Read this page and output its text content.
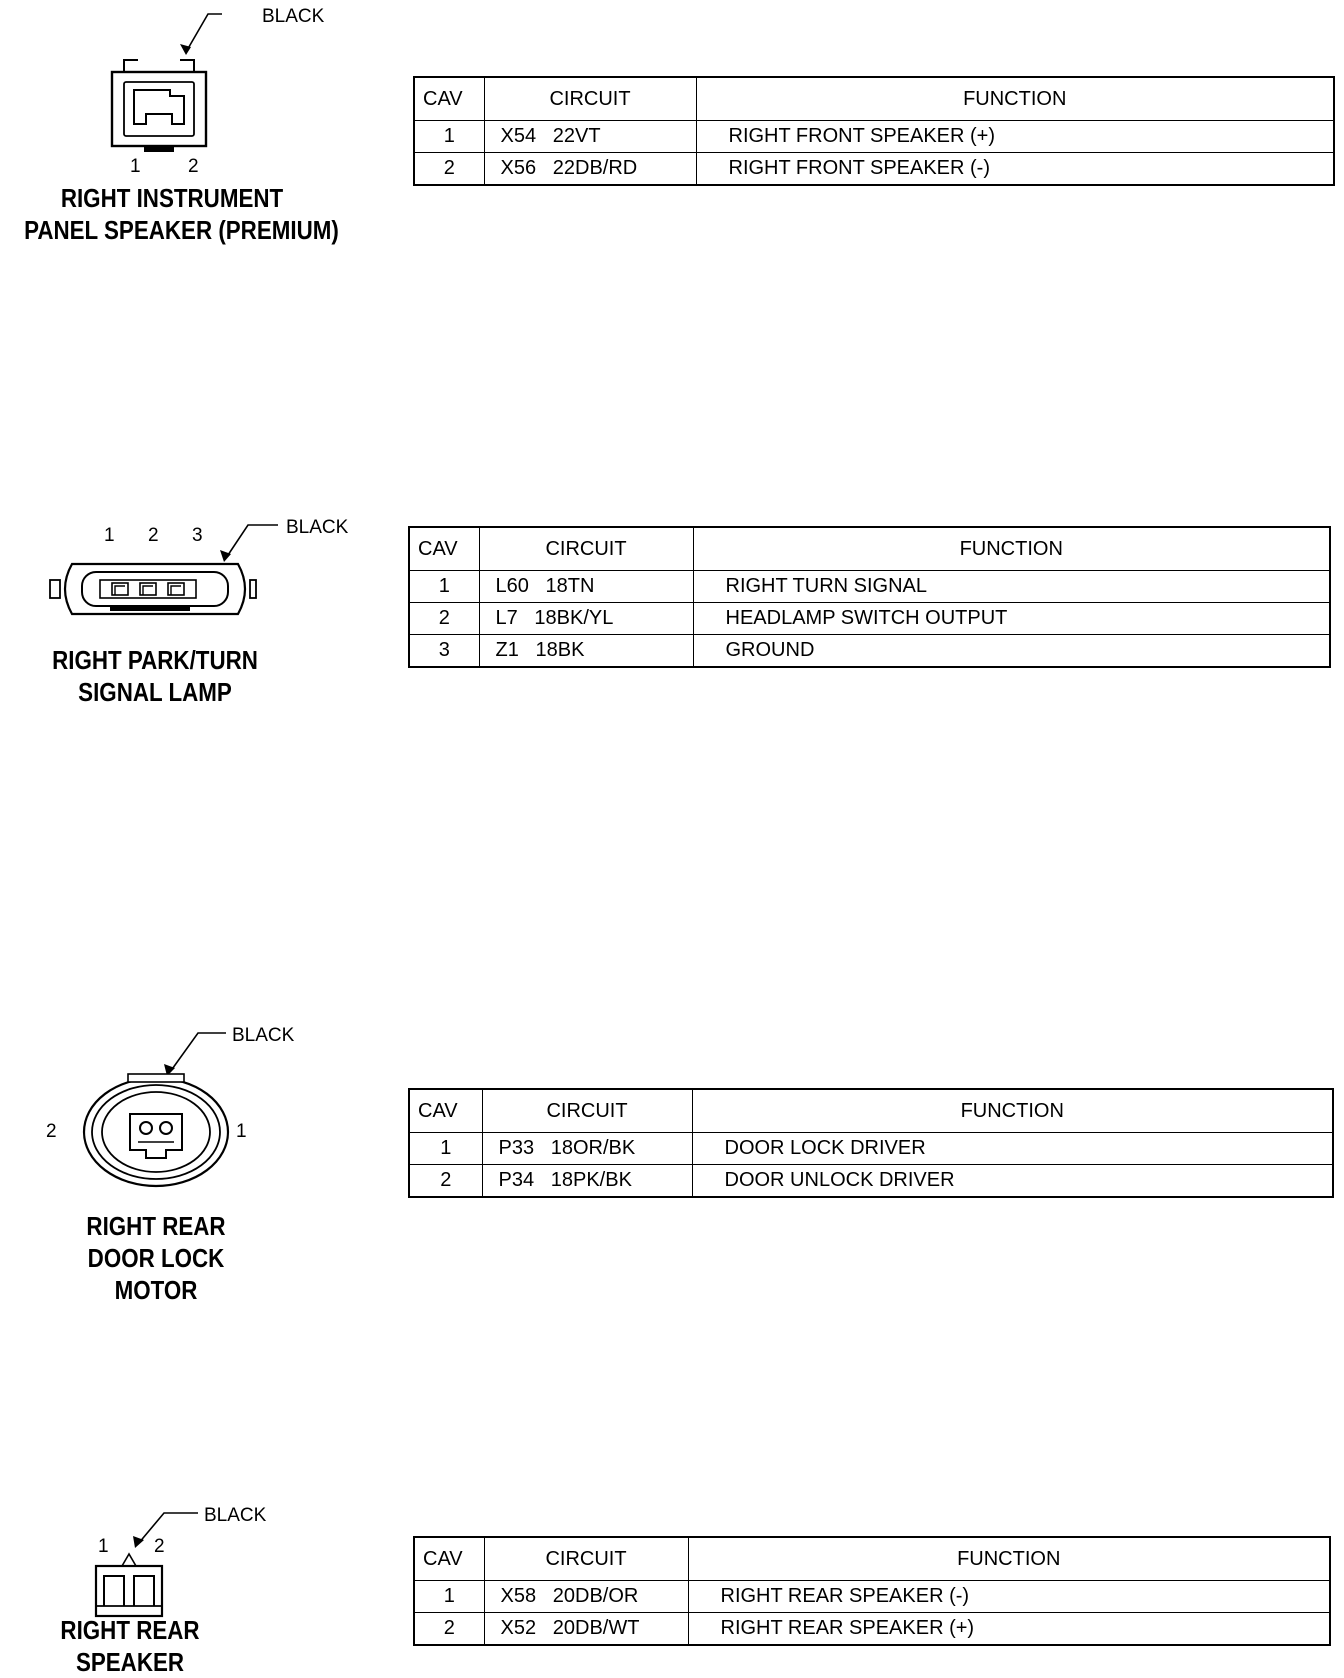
BLACK
1 2
RIGHT INSTRUMENT
PANEL SPEAKER (PREMIUM)
CAV	CIRCUIT	FUNCTION
1	X54   22VT	RIGHT FRONT SPEAKER (+)
2	X56   22DB/RD	RIGHT FRONT SPEAKER (-)
BLACK
1 2 3
RIGHT PARK/TURN
SIGNAL LAMP
CAV	CIRCUIT	FUNCTION
1	L60   18TN	RIGHT TURN SIGNAL
2	L7   18BK/YL	HEADLAMP SWITCH OUTPUT
3	Z1   18BK	GROUND
BLACK
2	1
RIGHT REAR
DOOR LOCK
MOTOR
CAV	CIRCUIT	FUNCTION
1	P33   18OR/BK	DOOR LOCK DRIVER
2	P34   18PK/BK	DOOR UNLOCK DRIVER
BLACK
1 2
RIGHT REAR
SPEAKER
CAV	CIRCUIT	FUNCTION
1	X58   20DB/OR	RIGHT REAR SPEAKER (-)
2	X52   20DB/WT	RIGHT REAR SPEAKER (+)
